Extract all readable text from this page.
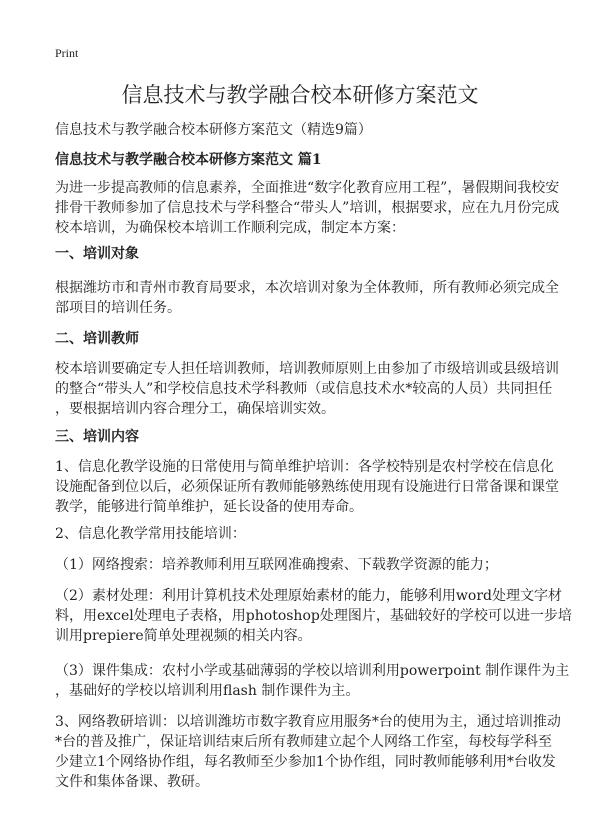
Print
信息技术与教学融合校本研修方案范文
信息技术与教学融合校本研修方案范文（精选9篇）
信息技术与教学融合校本研修方案范文 篇1
为进一步提高教师的信息素养，全面推进“数字化教育应用工程”，暑假期间我校安
排骨干教师参加了信息技术与学科整合“带头人”培训，根据要求，应在九月份完成
校本培训，为确保校本培训工作顺利完成，制定本方案：
一、培训对象
根据潍坊市和青州市教育局要求，本次培训对象为全体教师，所有教师必须完成全
部项目的培训任务。
二、培训教师
校本培训要确定专人担任培训教师，培训教师原则上由参加了市级培训或县级培训
的整合“带头人”和学校信息技术学科教师（或信息技术水*较高的人员）共同担任
，要根据培训内容合理分工，确保培训实效。
三、培训内容
1、信息化教学设施的日常使用与简单维护培训：各学校特别是农村学校在信息化
设施配备到位以后，必须保证所有教师能够熟练使用现有设施进行日常备课和课堂
教学，能够进行简单维护，延长设备的使用寿命。
2、信息化教学常用技能培训：
（1）网络搜索：培养教师利用互联网准确搜索、下载教学资源的能力；
（2）素材处理：利用计算机技术处理原始素材的能力，能够利用word处理文字材
料，用excel处理电子表格，用photoshop处理图片，基础较好的学校可以进一步培
训用prepiere简单处理视频的相关内容。
（3）课件集成：农村小学或基础薄弱的学校以培训利用powerpoint 制作课件为主
，基础好的学校以培训利用flash 制作课件为主。
3、网络教研培训：以培训潍坊市数字教育应用服务*台的使用为主，通过培训推动
*台的普及推广，保证培训结束后所有教师建立起个人网络工作室，每校每学科至
少建立1个网络协作组，每名教师至少参加1个协作组，同时教师能够利用*台收发
文件和集体备课、教研。
